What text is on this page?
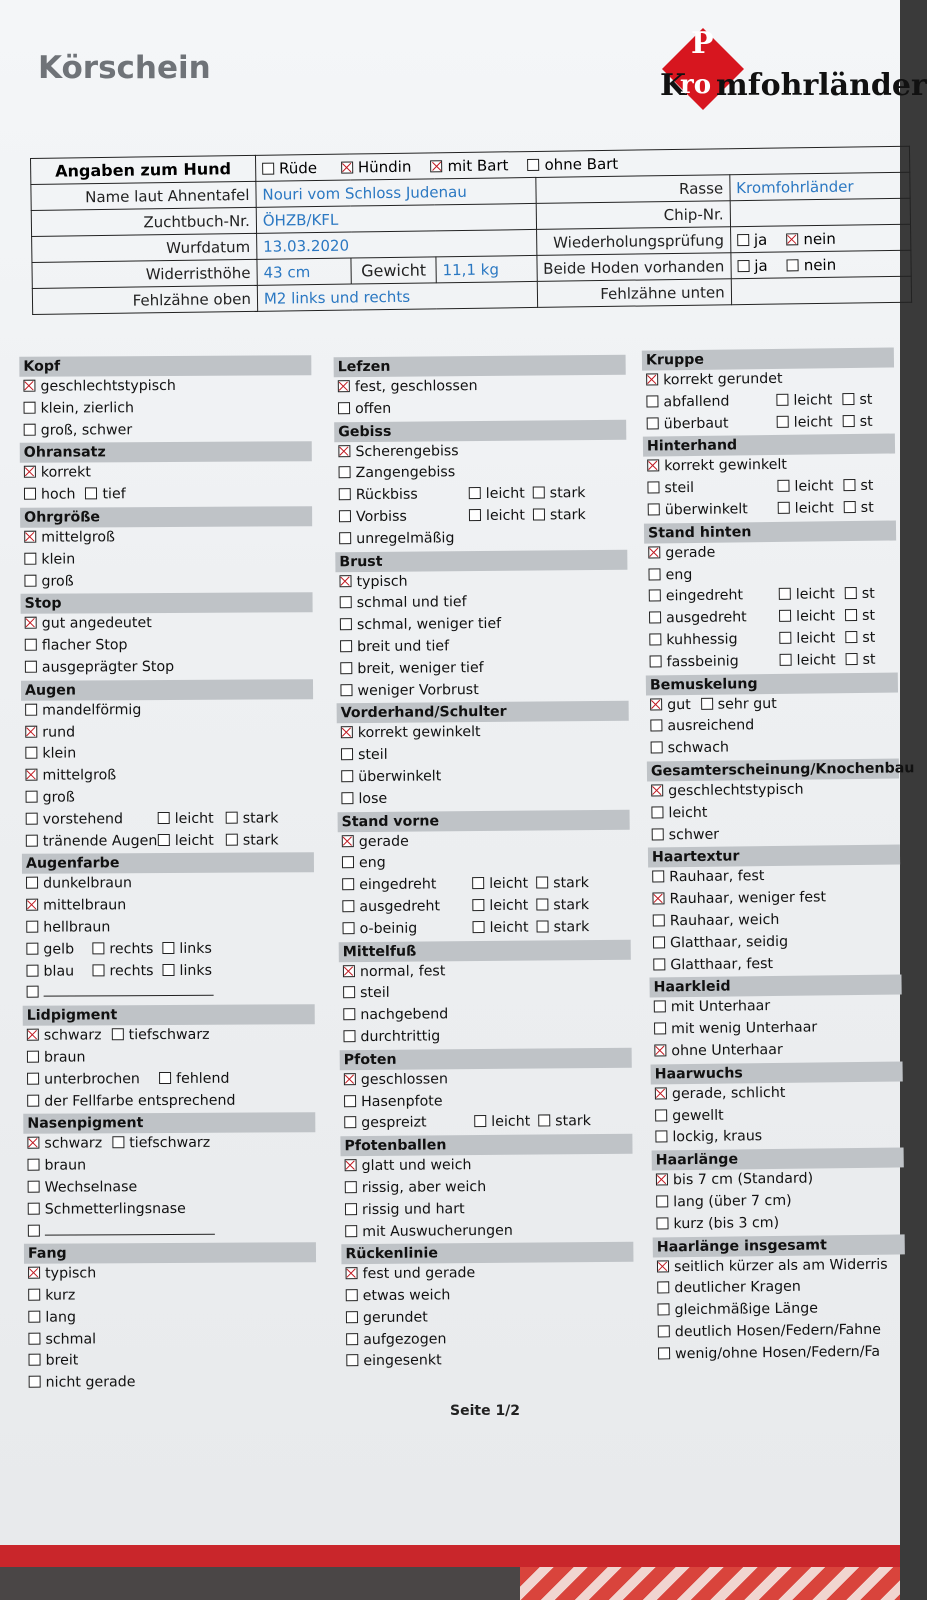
Körschein
P
K
ro mfohrländer
Angaben zum Hund	Rüde Hündin mit Bart ohne Bart				
Name laut Ahnentafel	Nouri vom Schloss Judenau			Rasse	Kromfohrländer
Zuchtbuch-Nr.	ÖHZB/KFL			Chip-Nr.	
Wurfdatum	13.03.2020			Wiederholungsprüfung	ja nein
Widerristhöhe	43 cm	Gewicht	11,1 kg	Beide Hoden vorhanden	ja nein
Fehlzähne oben	M2 links und rechts			Fehlzähne unten	
Kopf
geschlechtstypisch
klein, zierlich
groß, schwer
Ohransatz
korrekt
hoch tief
Ohrgröße
mittelgroß
klein
groß
Stop
gut angedeutet
flacher Stop
ausgeprägter Stop
Augen
mandelförmig
rund
klein
mittelgroß
groß
vorstehend	leicht	stark
tränende Augen	leicht	stark
Augenfarbe
dunkelbraun
mittelbraun
hellbraun
gelb	rechts	links
blau	rechts	links
Lidpigment
schwarz tiefschwarz
braun
unterbrochen	fehlend
der Fellfarbe entsprechend
Nasenpigment
schwarz tiefschwarz
braun
Wechselnase
Schmetterlingsnase
Fang
typisch
kurz
lang
schmal
breit
nicht gerade
Lefzen
fest, geschlossen
offen
Gebiss
Scherengebiss
Zangengebiss
Rückbiss	leicht	stark
Vorbiss	leicht	stark
unregelmäßig
Brust
typisch
schmal und tief
schmal, weniger tief
breit und tief
breit, weniger tief
weniger Vorbrust
Vorderhand/Schulter
korrekt gewinkelt
steil
überwinkelt
lose
Stand vorne
gerade
eng
eingedreht	leicht	stark
ausgedreht	leicht	stark
o-beinig	leicht	stark
Mittelfuß
normal, fest
steil
nachgebend
durchtrittig
Pfoten
geschlossen
Hasenpfote
gespreizt	leicht	stark
Pfotenballen
glatt und weich
rissig, aber weich
rissig und hart
mit Auswucherungen
Rückenlinie
fest und gerade
etwas weich
gerundet
aufgezogen
eingesenkt
Kruppe
korrekt gerundet
abfallend	leicht	st
überbaut	leicht	st
Hinterhand
korrekt gewinkelt
steil	leicht	st
überwinkelt	leicht	st
Stand hinten
gerade
eng
eingedreht	leicht	st
ausgedreht	leicht	st
kuhhessig	leicht	st
fassbeinig	leicht	st
Bemuskelung
gut sehr gut
ausreichend
schwach
Gesamterscheinung/Knochenbau
geschlechtstypisch
leicht
schwer
Haartextur
Rauhaar, fest
Rauhaar, weniger fest
Rauhaar, weich
Glatthaar, seidig
Glatthaar, fest
Haarkleid
mit Unterhaar
mit wenig Unterhaar
ohne Unterhaar
Haarwuchs
gerade, schlicht
gewellt
lockig, kraus
Haarlänge
bis 7 cm (Standard)
lang (über 7 cm)
kurz (bis 3 cm)
Haarlänge insgesamt
seitlich kürzer als am Widerris
deutlicher Kragen
gleichmäßige Länge
deutlich Hosen/Federn/Fahne
wenig/ohne Hosen/Federn/Fa
Seite 1/2
